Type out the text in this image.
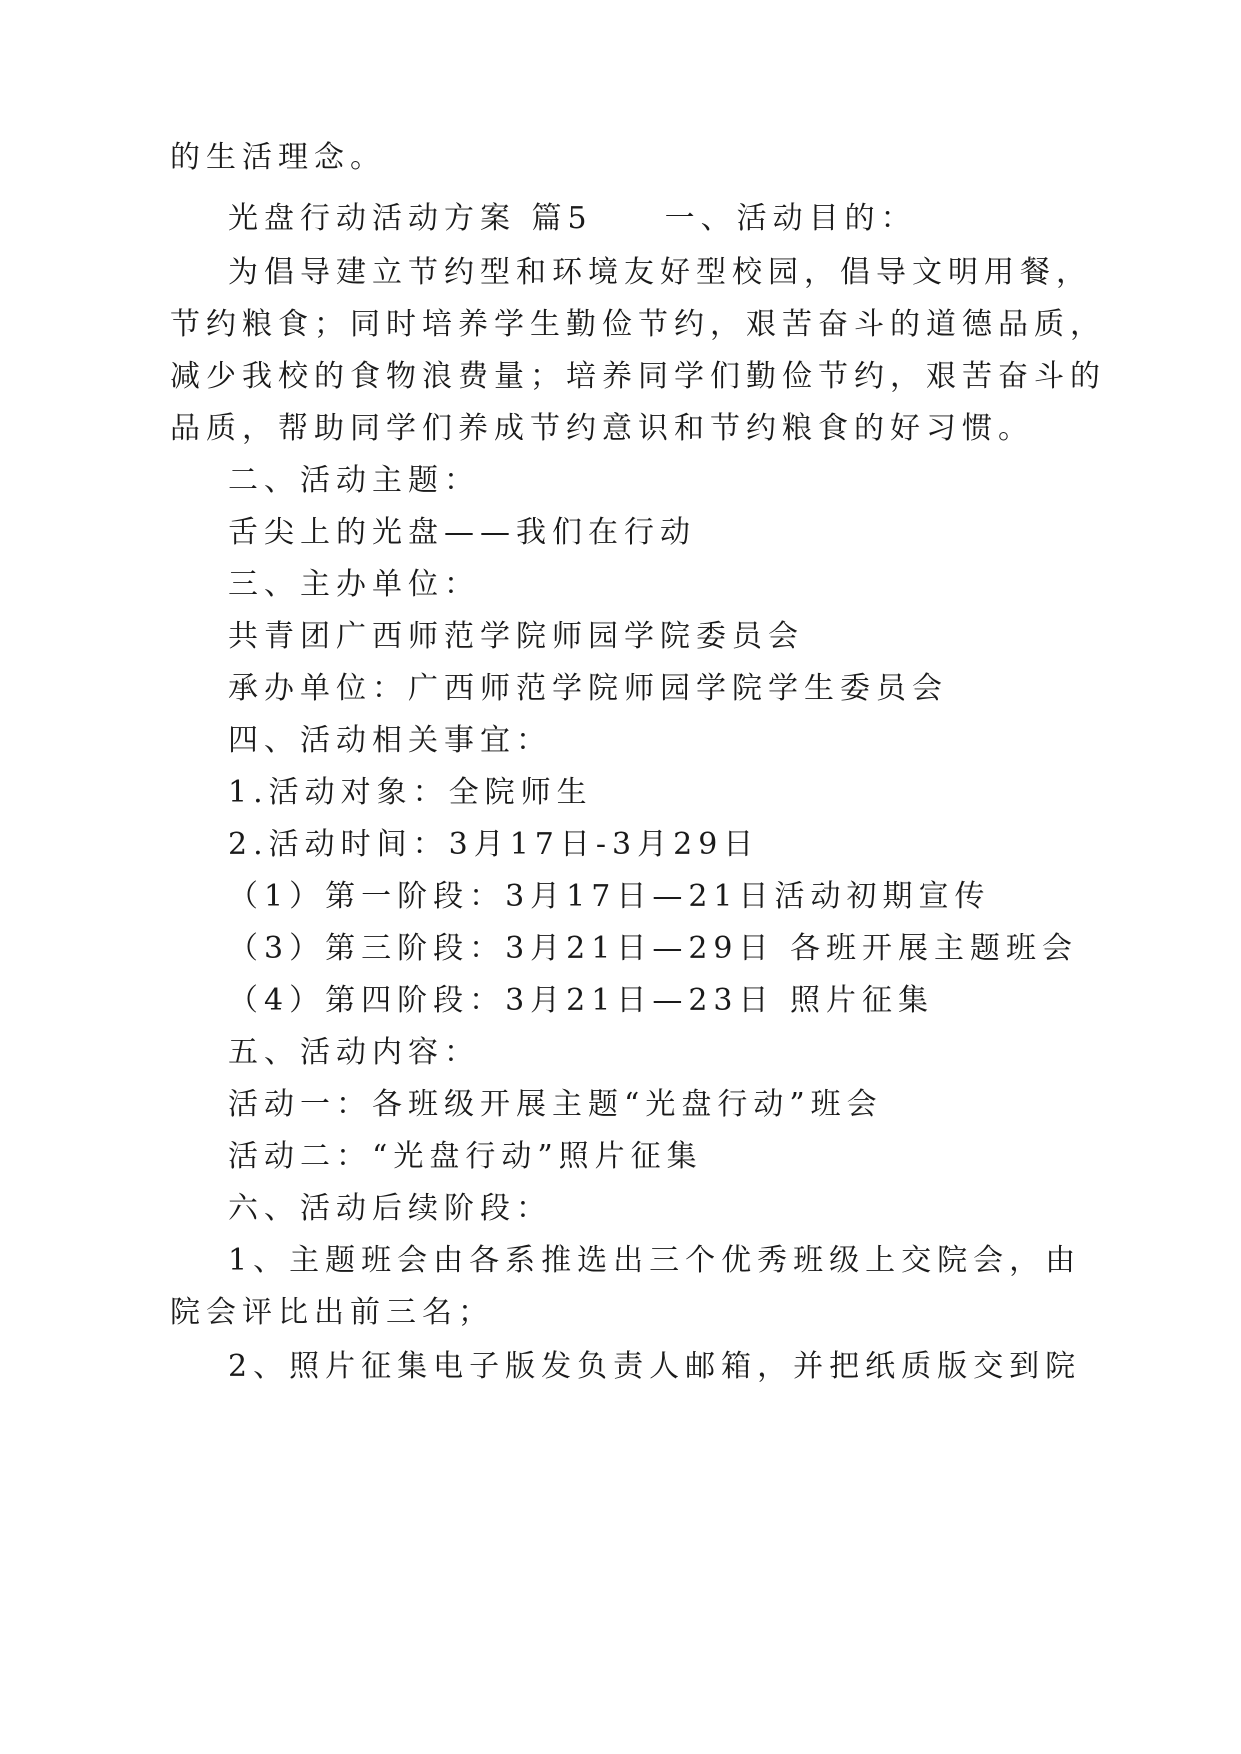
的生活理念。
光盘行动活动方案 篇5　　一、活动目的：
为倡导建立节约型和环境友好型校园，倡导文明用餐，
节约粮食；同时培养学生勤俭节约，艰苦奋斗的道德品质，
减少我校的食物浪费量；培养同学们勤俭节约，艰苦奋斗的
品质，帮助同学们养成节约意识和节约粮食的好习惯。
二、活动主题：
舌尖上的光盘——我们在行动
三、主办单位：
共青团广西师范学院师园学院委员会
承办单位：广西师范学院师园学院学生委员会
四、活动相关事宜：
1.活动对象：全院师生
2.活动时间：3月17日-3月29日
（1）第一阶段：3月17日—21日活动初期宣传
（3）第三阶段：3月21日—29日 各班开展主题班会
（4）第四阶段：3月21日—23日 照片征集
五、活动内容：
活动一：各班级开展主题“光盘行动”班会
活动二：“光盘行动”照片征集
六、活动后续阶段：
1、主题班会由各系推选出三个优秀班级上交院会，由
院会评比出前三名；
2、照片征集电子版发负责人邮箱，并把纸质版交到院
